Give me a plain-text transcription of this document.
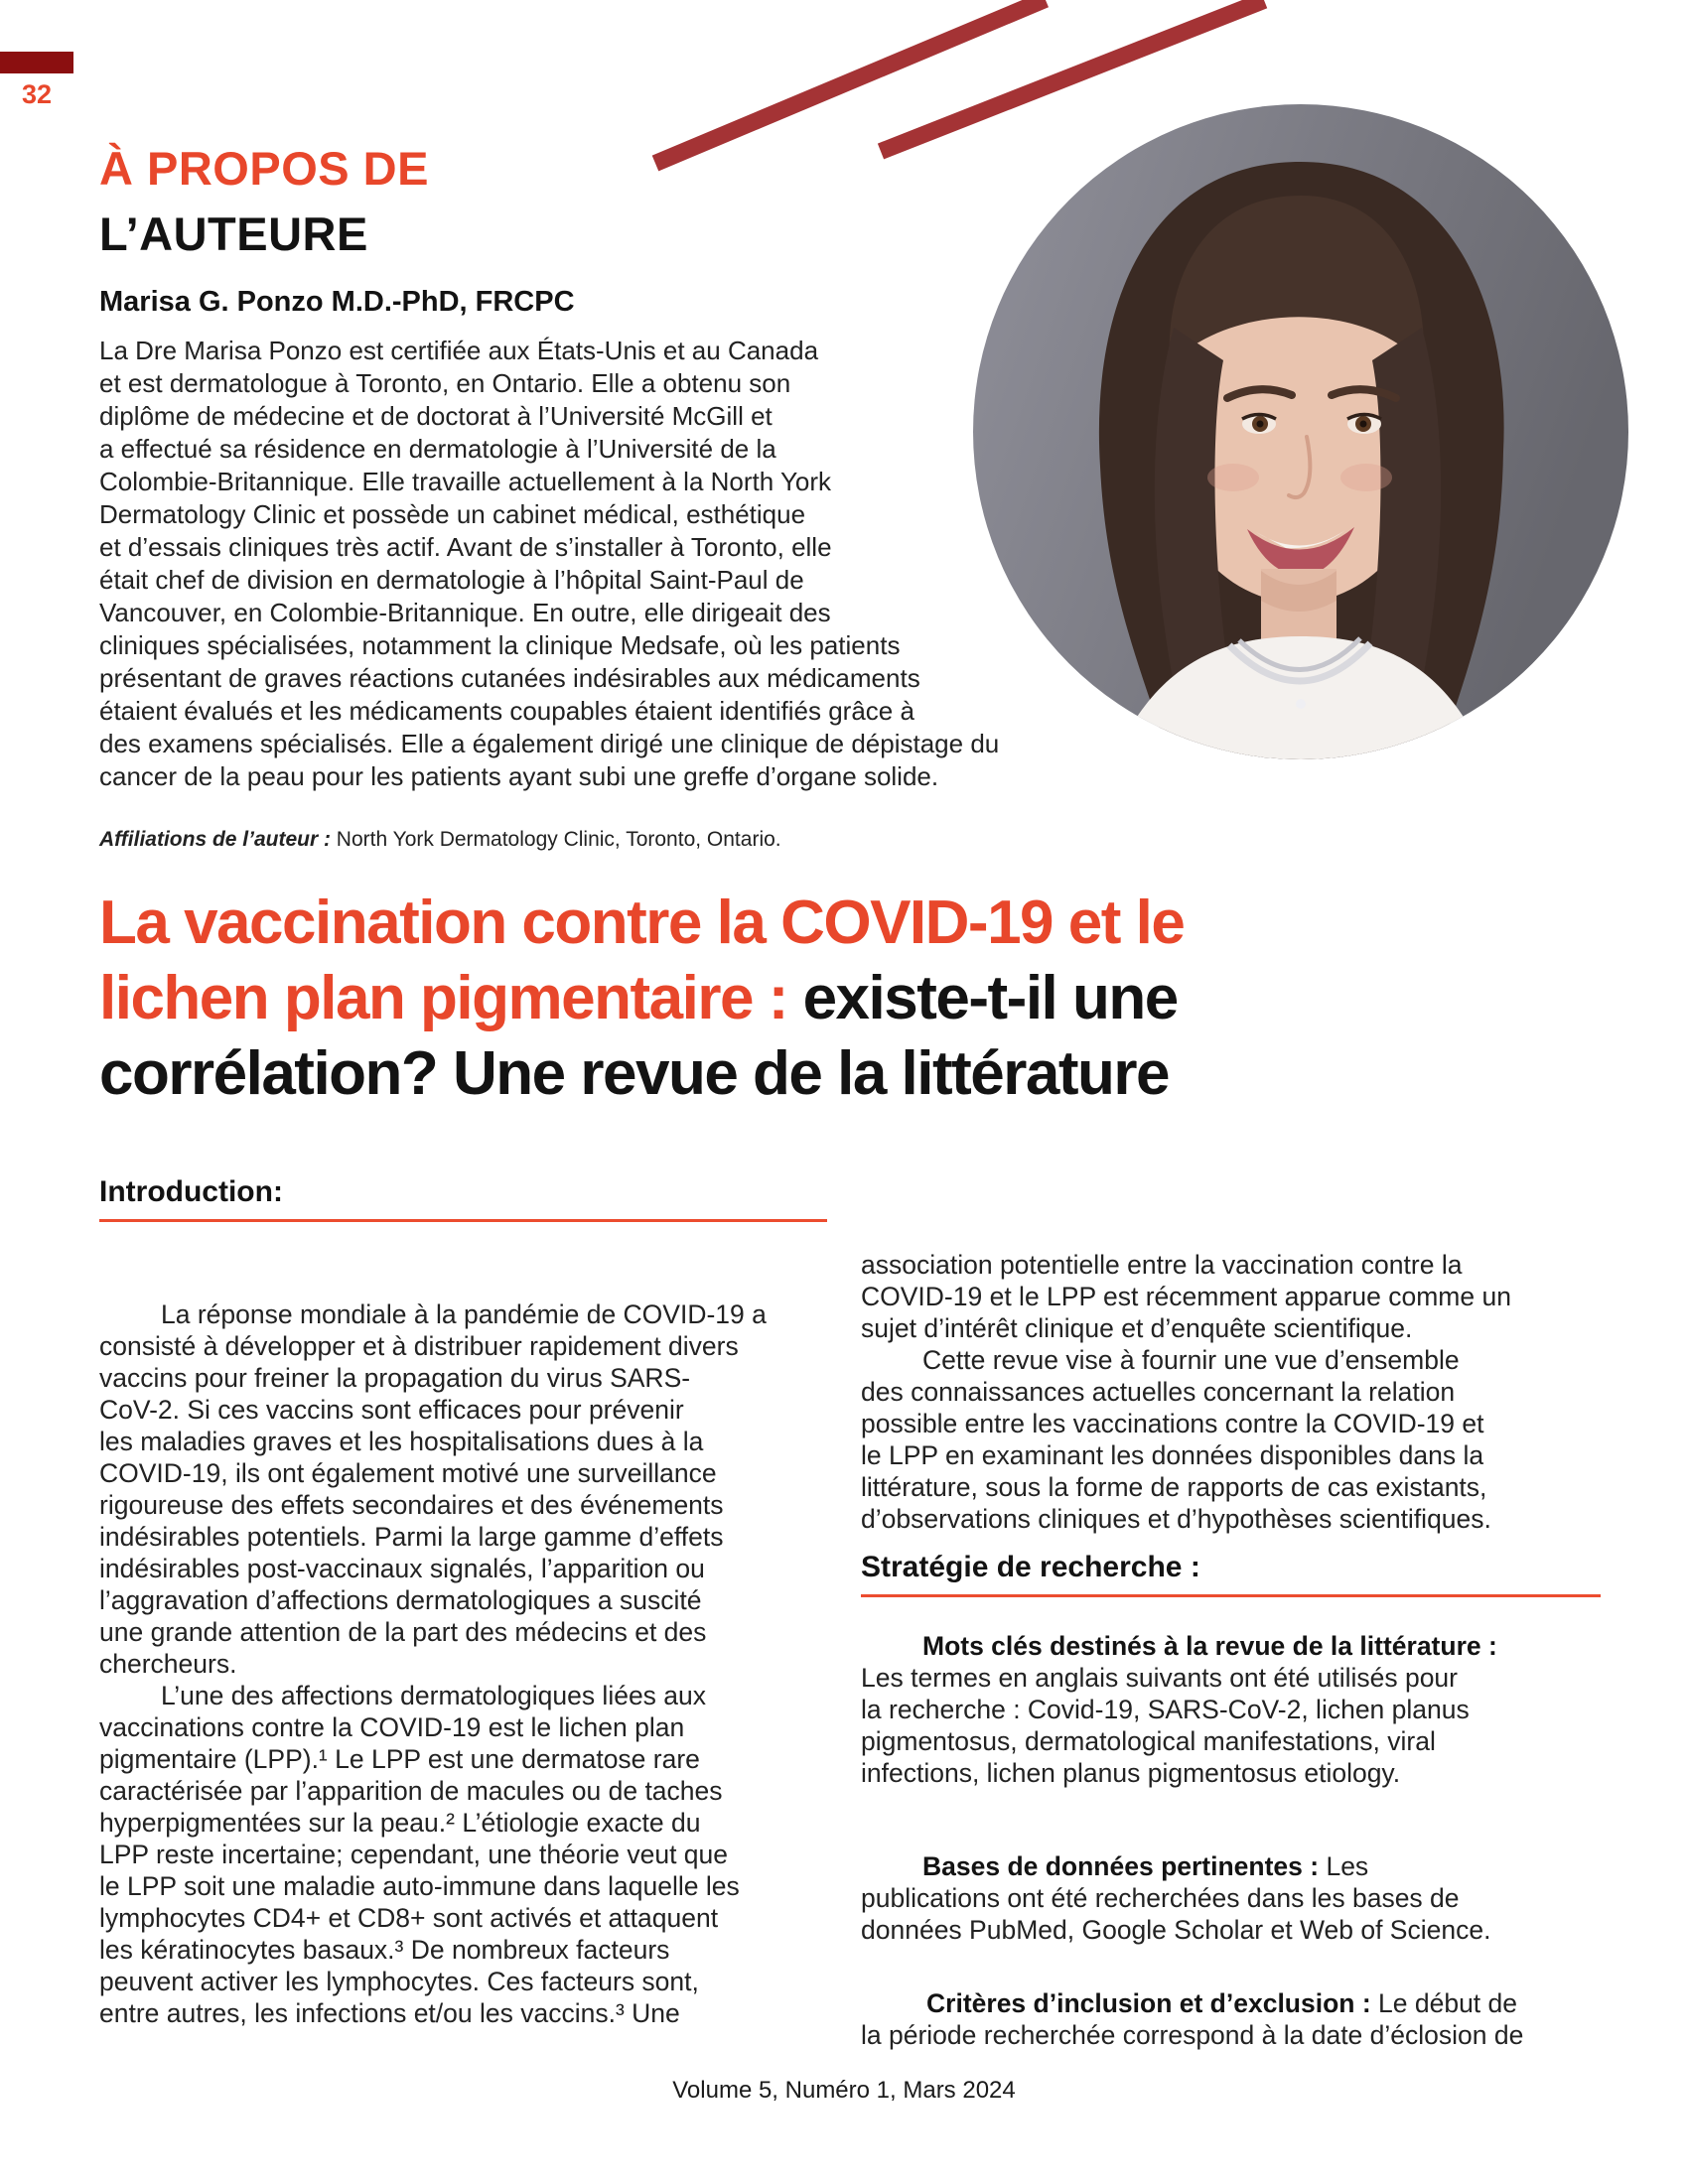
32
À PROPOS DE
L’AUTEURE
Marisa G. Ponzo M.D.-PhD, FRCPC
La Dre Marisa Ponzo est certifiée aux États-Unis et au Canada
et est dermatologue à Toronto, en Ontario. Elle a obtenu son
diplôme de médecine et de doctorat à l’Université McGill et
a effectué sa résidence en dermatologie à l’Université de la
Colombie-Britannique. Elle travaille actuellement à la North York
Dermatology Clinic et possède un cabinet médical, esthétique
et d’essais cliniques très actif. Avant de s’installer à Toronto, elle
était chef de division en dermatologie à l’hôpital Saint-Paul de
Vancouver, en Colombie-Britannique. En outre, elle dirigeait des
cliniques spécialisées, notamment la clinique Medsafe, où les patients
présentant de graves réactions cutanées indésirables aux médicaments
étaient évalués et les médicaments coupables étaient identifiés grâce à
des examens spécialisés. Elle a également dirigé une clinique de dépistage du
cancer de la peau pour les patients ayant subi une greffe d’organe solide.
Affiliations de l’auteur : North York Dermatology Clinic, Toronto, Ontario.
La vaccination contre la COVID-19 et le
lichen plan pigmentaire : existe-t-il une
corrélation? Une revue de la littérature
Introduction:
La réponse mondiale à la pandémie de COVID-19 a
consisté à développer et à distribuer rapidement divers
vaccins pour freiner la propagation du virus SARS-
CoV-2. Si ces vaccins sont efficaces pour prévenir
les maladies graves et les hospitalisations dues à la
COVID-19, ils ont également motivé une surveillance
rigoureuse des effets secondaires et des événements
indésirables potentiels. Parmi la large gamme d’effets
indésirables post-vaccinaux signalés, l’apparition ou
l’aggravation d’affections dermatologiques a suscité
une grande attention de la part des médecins et des
chercheurs.
L’une des affections dermatologiques liées aux
vaccinations contre la COVID-19 est le lichen plan
pigmentaire (LPP).¹ Le LPP est une dermatose rare
caractérisée par l’apparition de macules ou de taches
hyperpigmentées sur la peau.² L’étiologie exacte du
LPP reste incertaine; cependant, une théorie veut que
le LPP soit une maladie auto-immune dans laquelle les
lymphocytes CD4+ et CD8+ sont activés et attaquent
les kératinocytes basaux.³ De nombreux facteurs
peuvent activer les lymphocytes. Ces facteurs sont,
entre autres, les infections et/ou les vaccins.³ Une
association potentielle entre la vaccination contre la
COVID-19 et le LPP est récemment apparue comme un
sujet d’intérêt clinique et d’enquête scientifique.
Cette revue vise à fournir une vue d’ensemble
des connaissances actuelles concernant la relation
possible entre les vaccinations contre la COVID-19 et
le LPP en examinant les données disponibles dans la
littérature, sous la forme de rapports de cas existants,
d’observations cliniques et d’hypothèses scientifiques.
Stratégie de recherche :
Mots clés destinés à la revue de la littérature :
Les termes en anglais suivants ont été utilisés pour
la recherche : Covid-19, SARS-CoV-2, lichen planus
pigmentosus, dermatological manifestations, viral
infections, lichen planus pigmentosus etiology.
Bases de données pertinentes : Les
publications ont été recherchées dans les bases de
données PubMed, Google Scholar et Web of Science.
Critères d’inclusion et d’exclusion : Le début de
la période recherchée correspond à la date d’éclosion de
Volume 5, Numéro 1, Mars 2024
